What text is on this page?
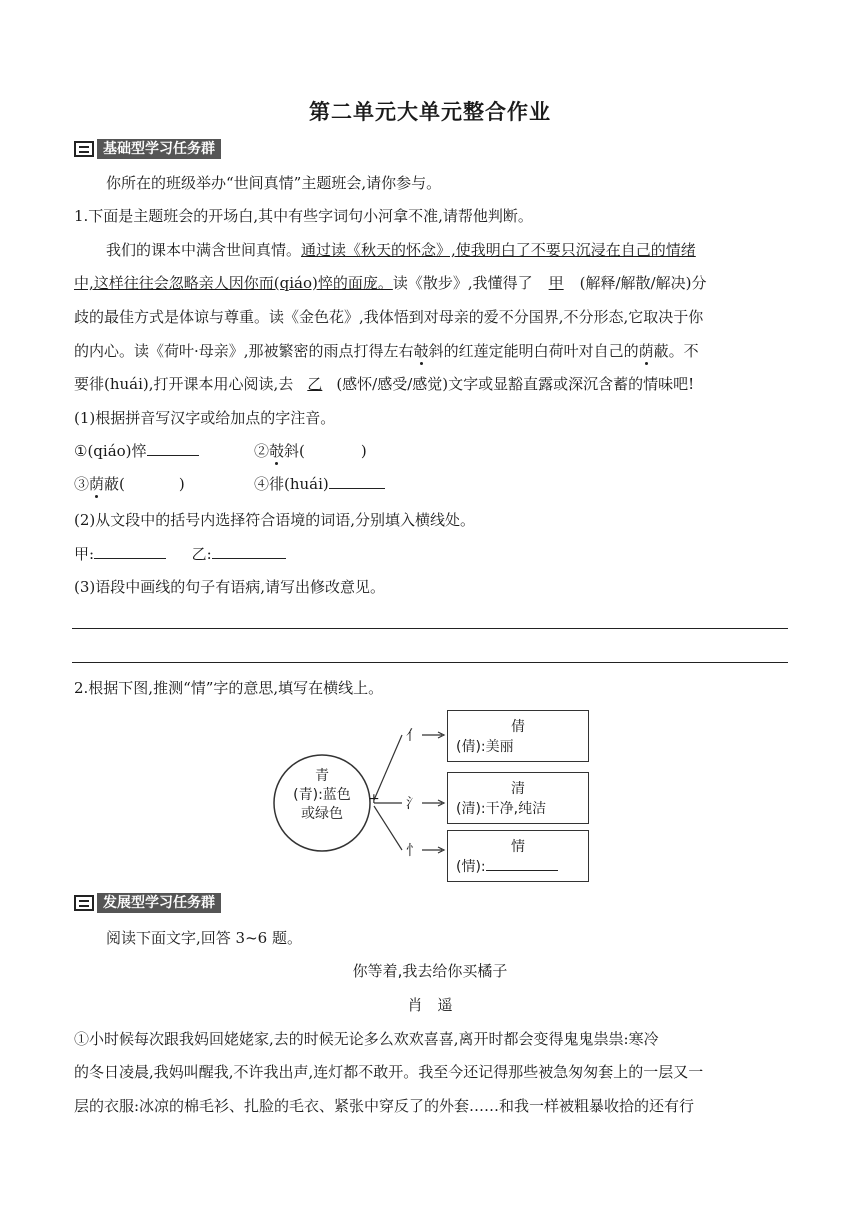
第二单元大单元整合作业
基础型学习任务群
你所在的班级举办“世间真情”主题班会,请你参与。
1.下面是主题班会的开场白,其中有些字词句小河拿不准,请帮他判断。
我们的课本中满含世间真情。通过读《秋天的怀念》,使我明白了不要只沉浸在自己的情绪
中,这样往往会忽略亲人因你而(qiáo)悴的面庞。读《散步》,我懂得了 甲 (解释/解散/解决)分
歧的最佳方式是体谅与尊重。读《金色花》,我体悟到对母亲的爱不分国界,不分形态,它取决于你
的内心。读《荷叶·母亲》,那被繁密的雨点打得左右攲斜的红莲定能明白荷叶对自己的荫蔽。不
要徘(huái),打开课本用心阅读,去 乙 (感怀/感受/感觉)文字或显豁直露或深沉含蓄的情味吧!
(1)根据拼音写汉字或给加点的字注音。
①(qiáo)悴	②攲斜(	)
③荫蔽(	)	④徘(huái)
(2)从文段中的括号内选择符合语境的词语,分别填入横线处。
甲:	乙:
(3)语段中画线的句子有语病,请写出修改意见。
2.根据下图,推测“情”字的意思,填写在横线上。
青
(青):蓝色
或绿色
+
亻
氵
忄
倩
(倩):美丽
清
(清):干净,纯洁
情
(情):
发展型学习任务群
阅读下面文字,回答 3~6 题。
你等着,我去给你买橘子
肖　遥
①小时候每次跟我妈回姥姥家,去的时候无论多么欢欢喜喜,离开时都会变得鬼鬼祟祟:寒冷
的冬日凌晨,我妈叫醒我,不许我出声,连灯都不敢开。我至今还记得那些被急匆匆套上的一层又一
层的衣服:冰凉的棉毛衫、扎脸的毛衣、紧张中穿反了的外套……和我一样被粗暴收拾的还有行
